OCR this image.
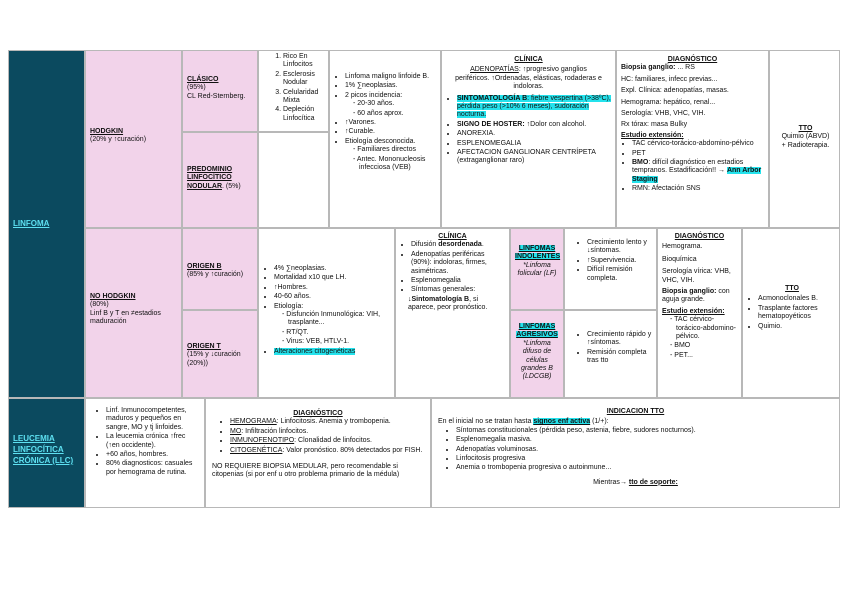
LINFOMA
HODGKIN
(20% y ↑curación)
CLÁSICO
(95%)
CL Red-Sternberg.
1. Rico En Linfocitos
2. Esclerosis Nodular
3. Celularidad Mixta
4. Depleción Linfocítica
PREDOMINIO LINFOCÍTICO NODULAR. (5%)
• Linfoma maligno linfoide B.
• 1% ∑neoplasias.
• 2 picos incidencia:
- 20-30 años.
- 60 años aprox.
• ↑Varones.
• ↑Curable.
• Etiología desconocida.
- Familiares directos
- Antec. Mononucleosis infecciosa (VEB)
CLÍNICA
ADENOPATÍAS: ↑progresivo ganglios periféricos. ↑Ordenadas, elásticas, rodaderas e indoloras.
• SINTOMATOLOGÍA B: fiebre vespertina (>38ºC), pérdida peso (>10% 6 meses), sudoración nocturna.
• SIGNO DE HOSTER: ↑Dolor con alcohol.
• ANOREXIA.
• ESPLENOMEGALIA
• AFECTACION GANGLIONAR CENTRÍPETA (extraganglionar raro)
DIAGNÓSTICO
Biopsia ganglio: ... RS
HC: familiares, infecc previas...
Expl. Clínica: adenopatías, masas.
Hemograma: hepático, renal...
Serología: VHB, VHC, VIH.
Rx tórax: masa Bulky
Estudio extensión:
• TAC cérvico-torácico-abdomino-pélvico
• PET
• BMO: difícil diagnóstico en estadios tempranos. Estadificación!! → Ann Arbor Staging
• RMN: Afectación SNS
TTO
Quimio (ABVD)
+ Radioterapia.
NO HODGKIN
(80%)
Linf B y T en ≠estadios maduración
ORIGEN B
(85% y ↑curación)
ORIGEN T
(15% y ↓curación (20%))
• 4% ∑neoplasias.
• Mortalidad x10 que LH.
• ↑Hombres.
• 40-60 años.
• Etiología:
- Disfunción Inmunológica: VIH, trasplante...
- RT/QT.
- Virus: VEB, HTLV-1.
• Alteraciones citogenéticas
CLÍNICA
• Difusión desordenada.
• Adenopatías periféricas (90%): indoloras, firmes, asimétricas.
• Esplenomegalia
• Síntomas generales:
↓Sintomatología B, si aparece, peor pronóstico.
LINFOMAS INDOLENTES
*Linfoma folicular (LF)
• Crecimiento lento y ↓síntomas.
• ↑Supervivencia.
• Difícil remisión completa.
LINFOMAS AGRESIVOS
*Linfoma difuso de células grandes B (LDCGB)
• Crecimiento rápido y ↑síntomas.
• Remisión completa tras tto
DIAGNÓSTICO
Hemograma.
Bioquímica
Serología vírica: VHB, VHC, VIH.
Biopsia ganglio: con aguja grande.
Estudio extensión:
- TAC cérvico-torácico-abdomino-pélvico.
- BMO
- PET...
TTO
• Acmonoclonales B.
• Trasplante factores hematopoyéticos
• Quimio.
LEUCEMIA LINFOCÍTICA CRÓNICA (LLC)
• Linf. Inmunocompetentes, maduros y pequeños en sangre, MO y tj linfoides.
• La leucemia crónica ↑frec (↑en occidente).
• +60 años, hombres.
• 80% diagnosticos: casuales por hemograma de rutina.
DIAGNÓSTICO
• HEMOGRAMA: Linfocitosis. Anemia y trombopenia.
• MO: Infiltración linfocitos.
• INMUNOFENOTIPO: Clonalidad de linfocitos.
• CITOGENÉTICA: Valor pronóstico. 80% detectados por FISH.
NO REQUIERE BIOPSIA MEDULAR, pero recomendable si citopenias (si por enf u otro problema primario de la médula)
INDICACION TTO
En el inicial no se tratan hasta signos enf activa (1/+):
• Síntomas constitucionales (pérdida peso, astenia, fiebre, sudores nocturnos).
• Esplenomegalia masiva.
• Adenopatías voluminosas.
• Linfocitosis progresiva
• Anemia o trombopenia progresiva o autoinmune...
Mientras→ tto de soporte:
